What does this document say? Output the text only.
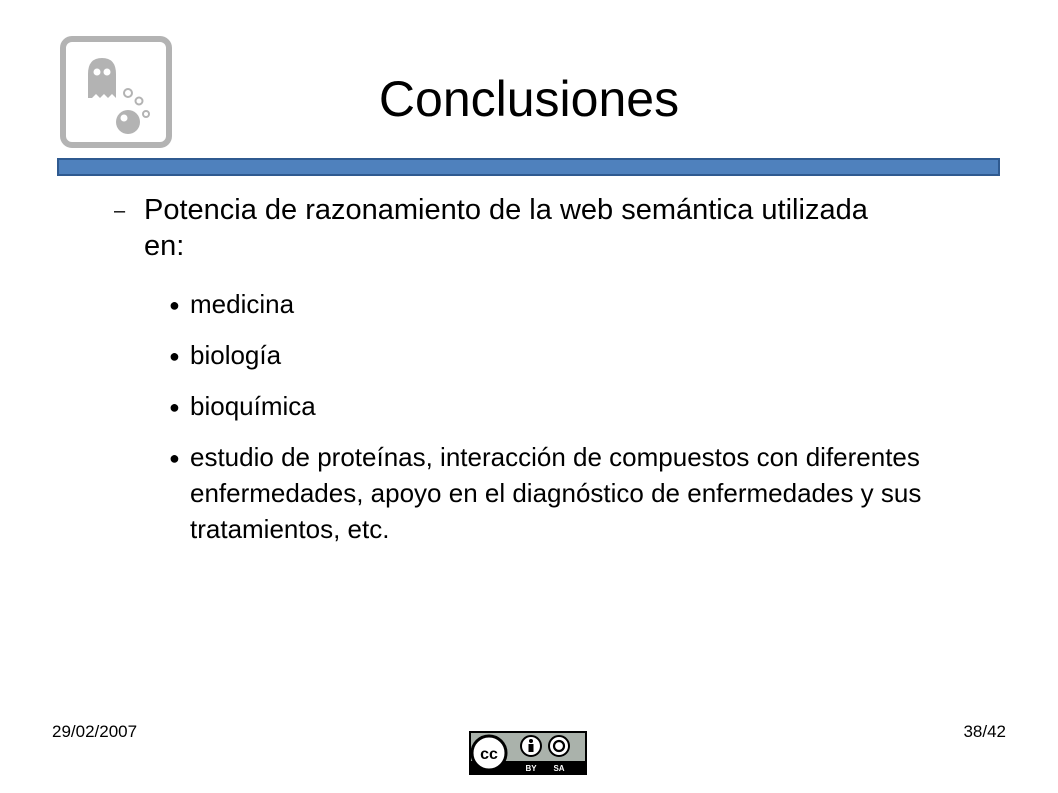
Conclusiones
– Potencia de razonamiento de la web semántica utilizada en:
● medicina
● biología
● bioquímica
● estudio de proteínas, interacción de compuestos con diferentes enfermedades, apoyo en el diagnóstico de enfermedades y sus tratamientos, etc.
29/02/2007	38/42
cc
BY SA
